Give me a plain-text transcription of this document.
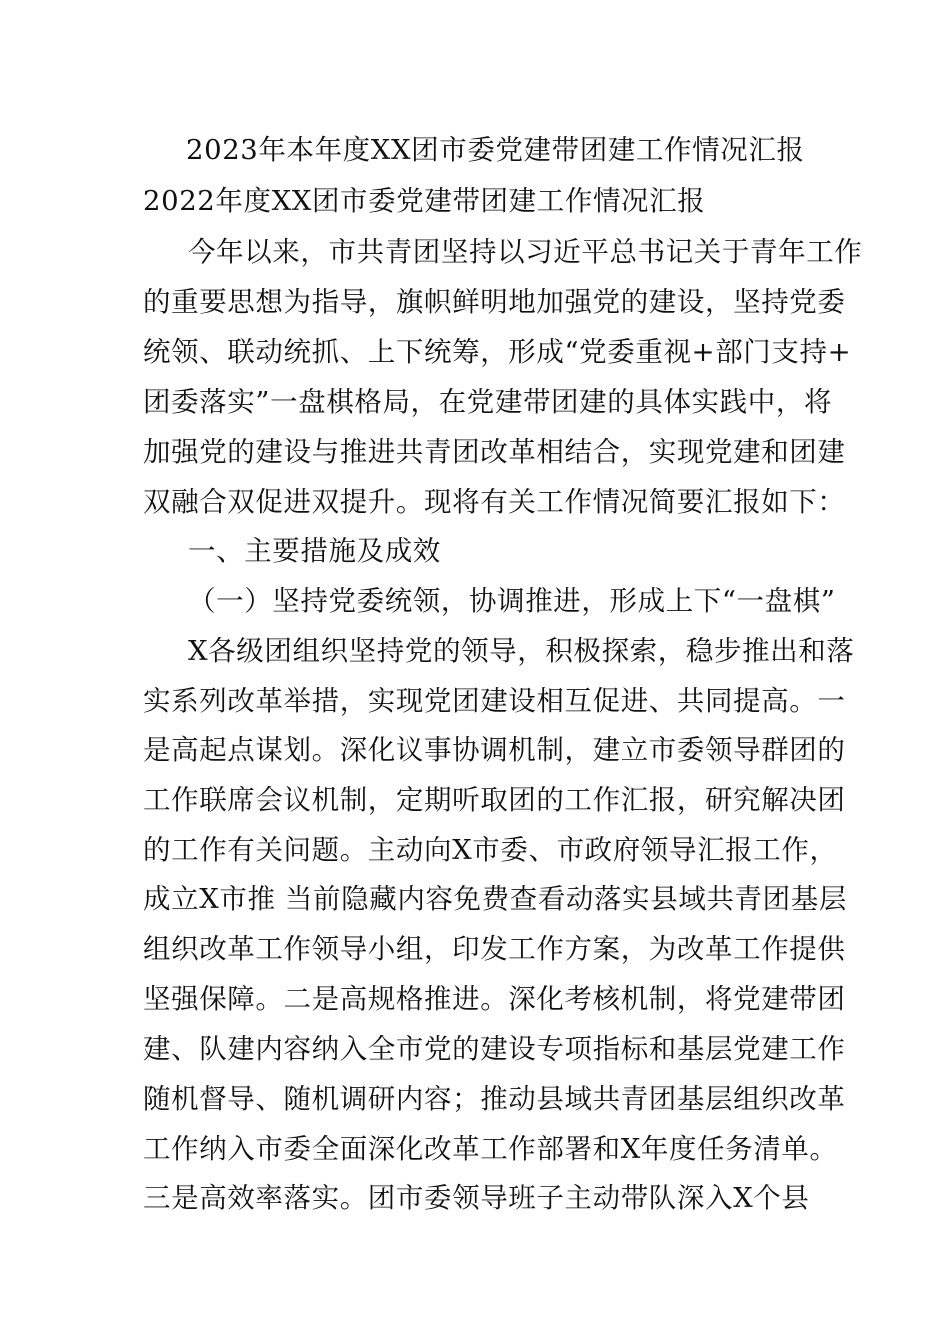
2023年本年度XX团市委党建带团建工作情况汇报
2022年度XX团市委党建带团建工作情况汇报
今年以来，市共青团坚持以习近平总书记关于青年工作
的重要思想为指导，旗帜鲜明地加强党的建设，坚持党委
统领、联动统抓、上下统筹，形成“党委重视+部门支持+
团委落实”一盘棋格局，在党建带团建的具体实践中，将
加强党的建设与推进共青团改革相结合，实现党建和团建
双融合双促进双提升。现将有关工作情况简要汇报如下：
一、主要措施及成效
（一）坚持党委统领，协调推进，形成上下“一盘棋”
X各级团组织坚持党的领导，积极探索，稳步推出和落
实系列改革举措，实现党团建设相互促进、共同提高。一
是高起点谋划。深化议事协调机制，建立市委领导群团的
工作联席会议机制，定期听取团的工作汇报，研究解决团
的工作有关问题。主动向X市委、市政府领导汇报工作，
成立X市推 当前隐藏内容免费查看动落实县域共青团基层
组织改革工作领导小组，印发工作方案，为改革工作提供
坚强保障。二是高规格推进。深化考核机制，将党建带团
建、队建内容纳入全市党的建设专项指标和基层党建工作
随机督导、随机调研内容；推动县域共青团基层组织改革
工作纳入市委全面深化改革工作部署和X年度任务清单。
三是高效率落实。团市委领导班子主动带队深入X个县
